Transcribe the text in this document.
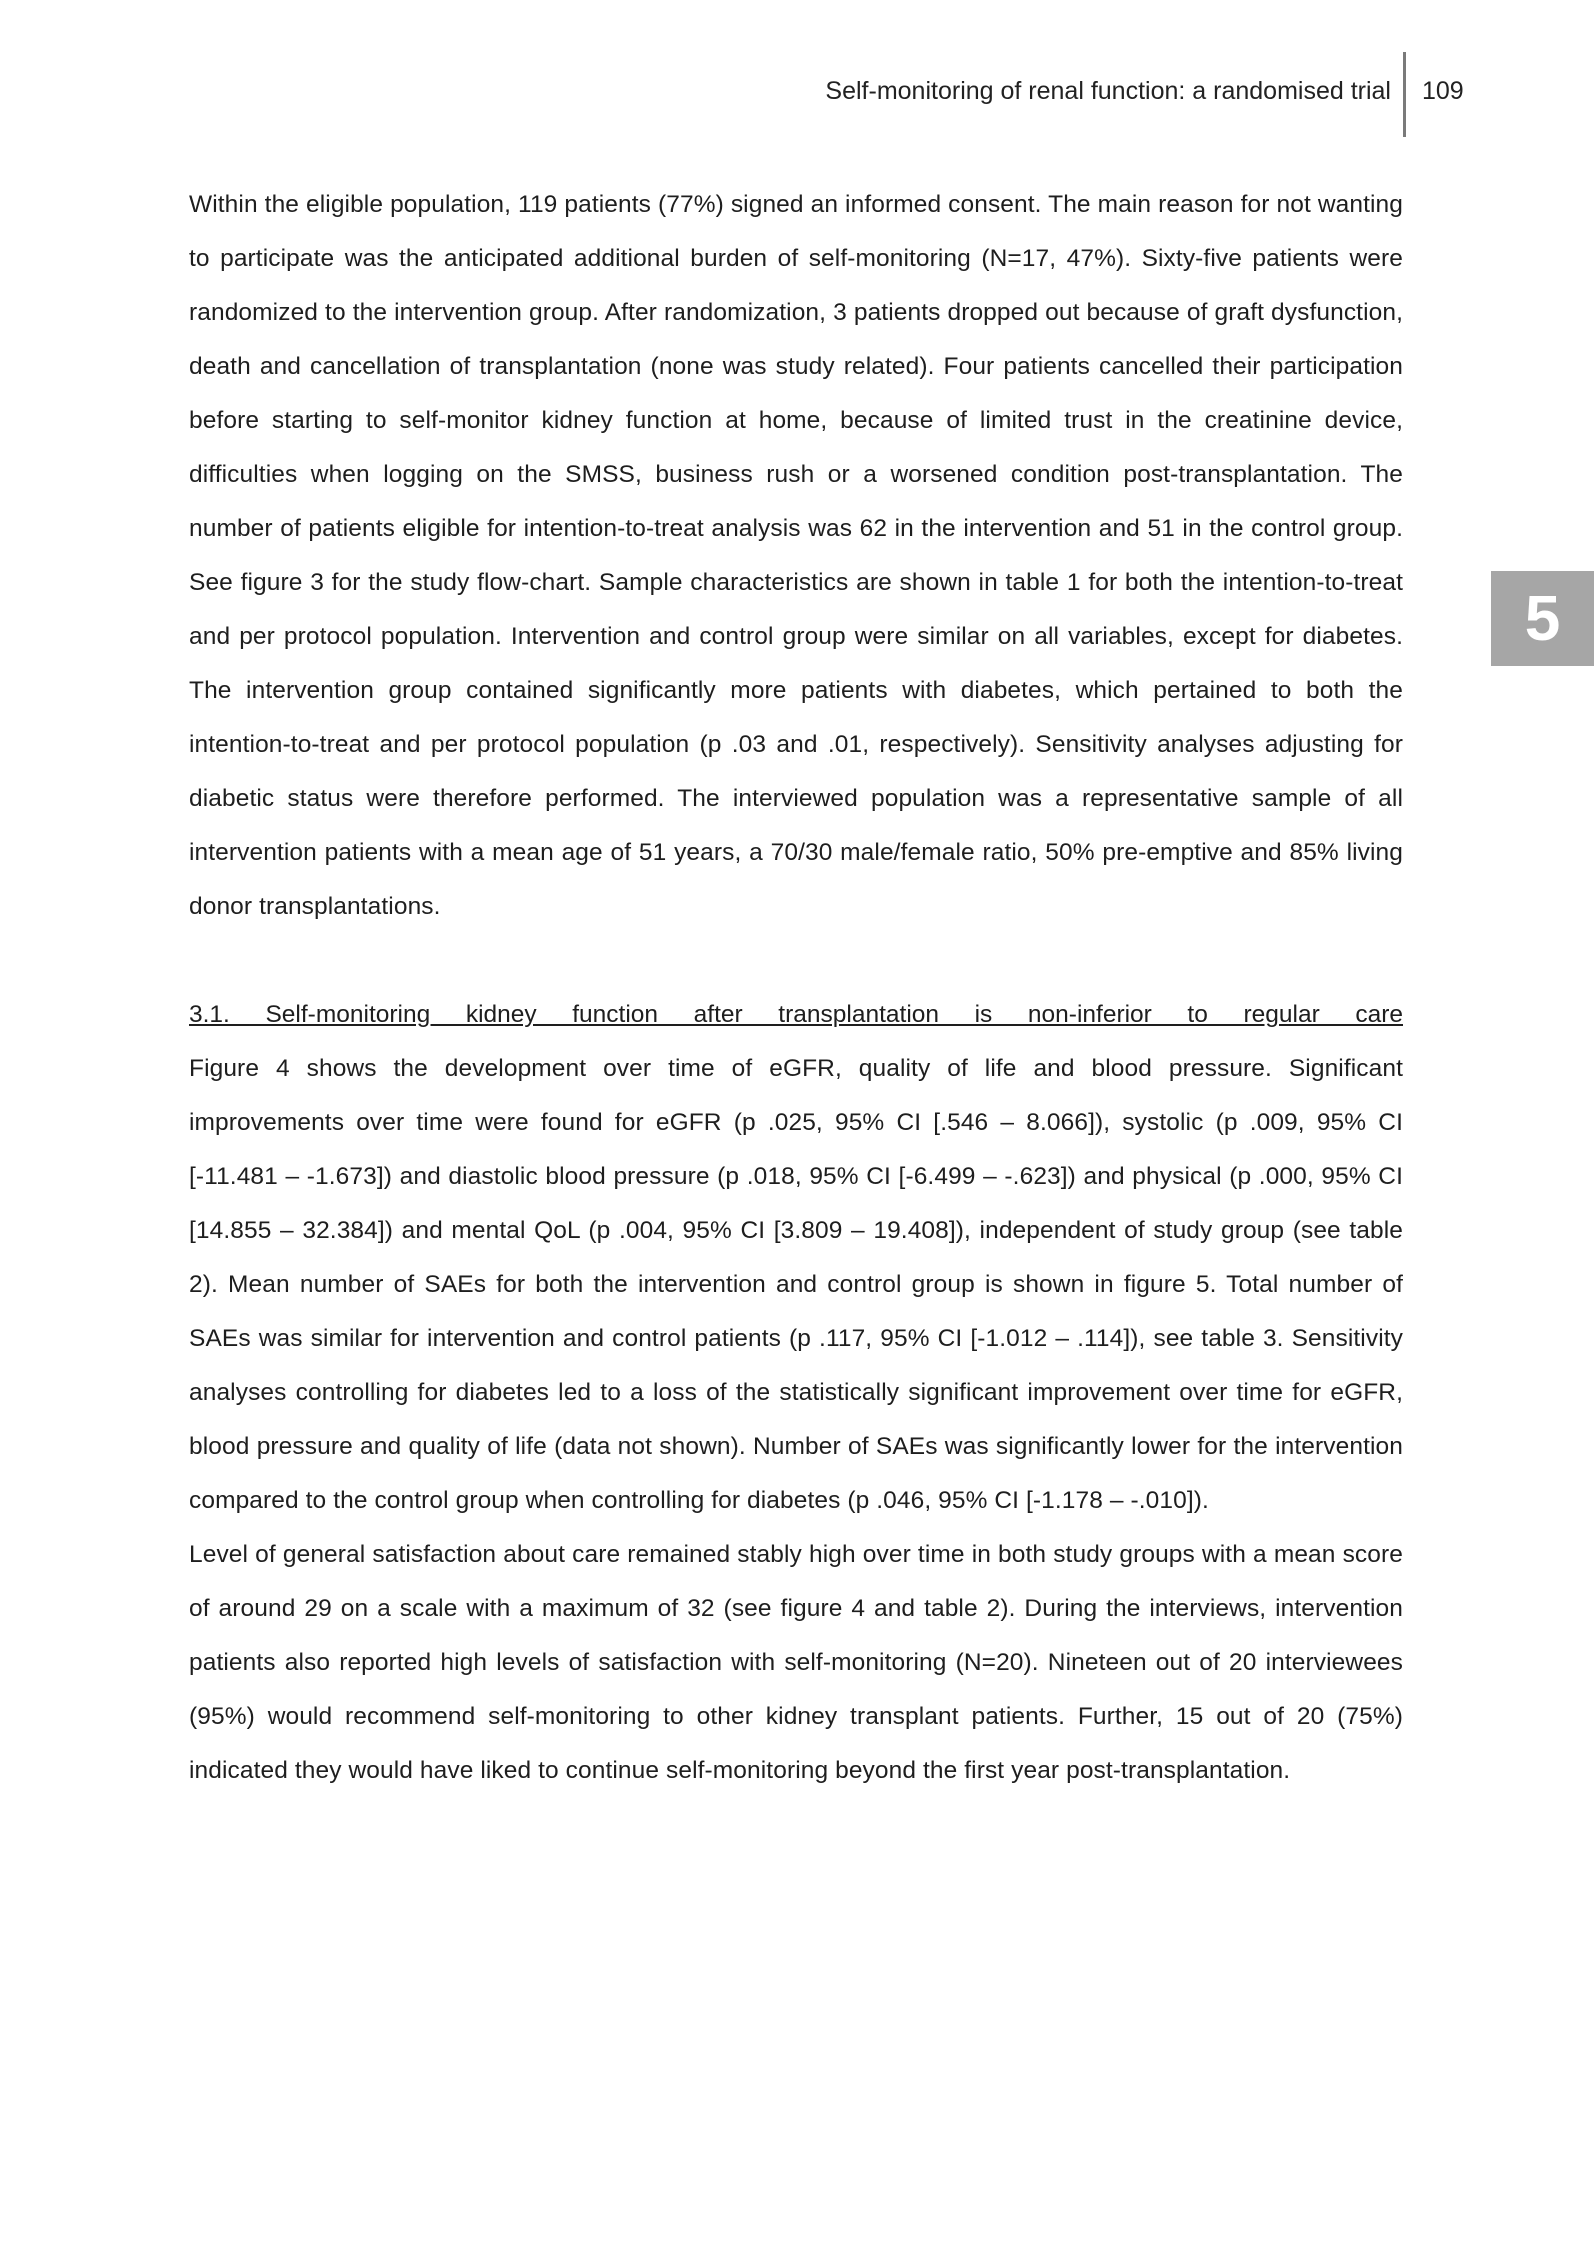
Self-monitoring of renal function: a randomised trial 109
5

Within the eligible population, 119 patients (77%) signed an informed consent. The main reason for not wanting to participate was the anticipated additional burden of self-monitoring (N=17, 47%). Sixty-five patients were randomized to the intervention group. After randomization, 3 patients dropped out because of graft dysfunction, death and cancellation of transplantation (none was study related). Four patients cancelled their participation before starting to self-monitor kidney function at home, because of limited trust in the creatinine device, difficulties when logging on the SMSS, business rush or a worsened condition post-transplantation. The number of patients eligible for intention-to-treat analysis was 62 in the intervention and 51 in the control group. See figure 3 for the study flow-chart. Sample characteristics are shown in table 1 for both the intention-to-treat and per protocol population. Intervention and control group were similar on all variables, except for diabetes. The intervention group contained significantly more patients with diabetes, which pertained to both the intention-to-treat and per protocol population (p .03 and .01, respectively). Sensitivity analyses adjusting for diabetic status were therefore performed. The interviewed population was a representative sample of all intervention patients with a mean age of 51 years, a 70/30 male/female ratio, 50% pre-emptive and 85% living donor transplantations.

3.1. Self-monitoring kidney function after transplantation is non-inferior to regular care

Figure 4 shows the development over time of eGFR, quality of life and blood pressure. Significant improvements over time were found for eGFR (p .025, 95% CI [.546 – 8.066]), systolic (p .009, 95% CI [-11.481 – -1.673]) and diastolic blood pressure (p .018, 95% CI [-6.499 – -.623]) and physical (p .000, 95% CI [14.855 – 32.384]) and mental QoL (p .004, 95% CI [3.809 – 19.408]), independent of study group (see table 2). Mean number of SAEs for both the intervention and control group is shown in figure 5. Total number of SAEs was similar for intervention and control patients (p .117, 95% CI [-1.012 – .114]), see table 3. Sensitivity analyses controlling for diabetes led to a loss of the statistically significant improvement over time for eGFR, blood pressure and quality of life (data not shown). Number of SAEs was significantly lower for the intervention compared to the control group when controlling for diabetes (p .046, 95% CI [-1.178 – -.010]).

Level of general satisfaction about care remained stably high over time in both study groups with a mean score of around 29 on a scale with a maximum of 32 (see figure 4 and table 2). During the interviews, intervention patients also reported high levels of satisfaction with self-monitoring (N=20). Nineteen out of 20 interviewees (95%) would recommend self-monitoring to other kidney transplant patients. Further, 15 out of 20 (75%) indicated they would have liked to continue self-monitoring beyond the first year post-transplantation.
